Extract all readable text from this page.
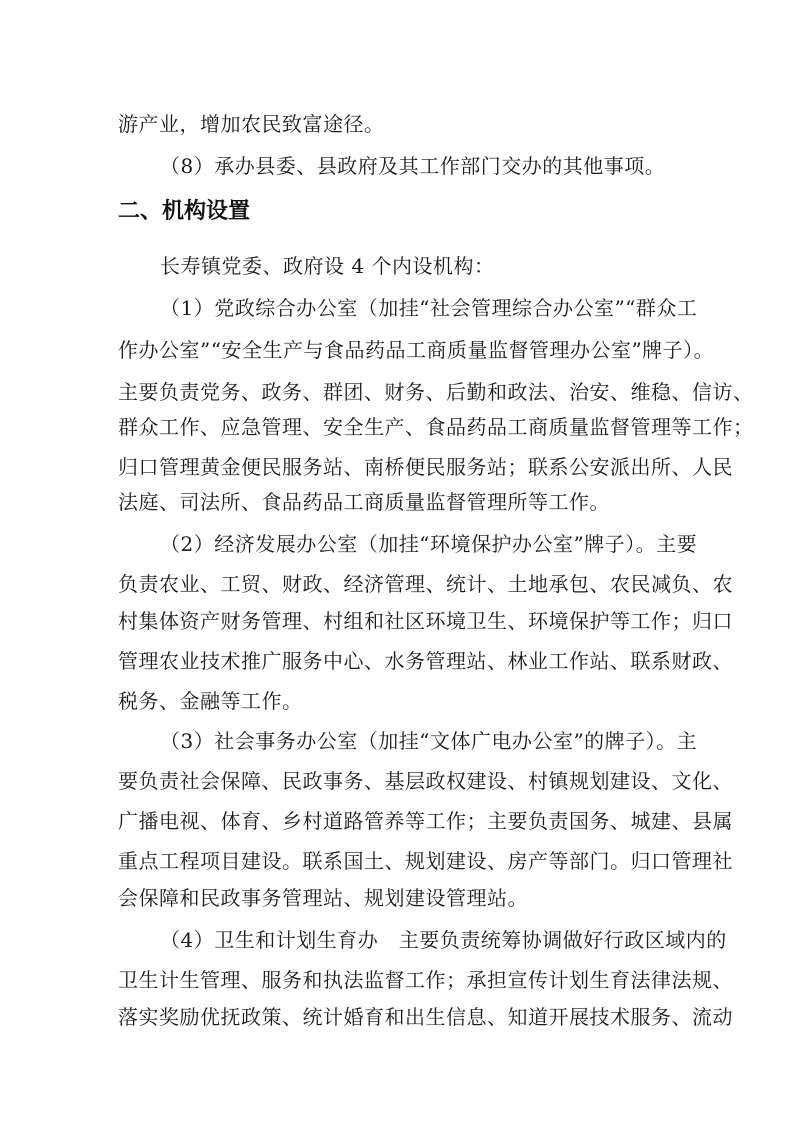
游产业，增加农民致富途径。
（8）承办县委、县政府及其工作部门交办的其他事项。
二、机构设置
长寿镇党委、政府设 4 个内设机构：
（1）党政综合办公室（加挂“社会管理综合办公室”“群众工
作办公室”“安全生产与食品药品工商质量监督管理办公室”牌子）。
主要负责党务、政务、群团、财务、后勤和政法、治安、维稳、信访、
群众工作、应急管理、安全生产、食品药品工商质量监督管理等工作；
归口管理黄金便民服务站、南桥便民服务站；联系公安派出所、人民
法庭、司法所、食品药品工商质量监督管理所等工作。
（2）经济发展办公室（加挂“环境保护办公室”牌子）。主要
负责农业、工贸、财政、经济管理、统计、土地承包、农民减负、农
村集体资产财务管理、村组和社区环境卫生、环境保护等工作；归口
管理农业技术推广服务中心、水务管理站、林业工作站、联系财政、
税务、金融等工作。
（3）社会事务办公室（加挂“文体广电办公室”的牌子）。主
要负责社会保障、民政事务、基层政权建设、村镇规划建设、文化、
广播电视、体育、乡村道路管养等工作；主要负责国务、城建、县属
重点工程项目建设。联系国土、规划建设、房产等部门。归口管理社
会保障和民政事务管理站、规划建设管理站。
（4）卫生和计划生育办　主要负责统筹协调做好行政区域内的
卫生计生管理、服务和执法监督工作；承担宣传计划生育法律法规、
落实奖励优抚政策、统计婚育和出生信息、知道开展技术服务、流动
